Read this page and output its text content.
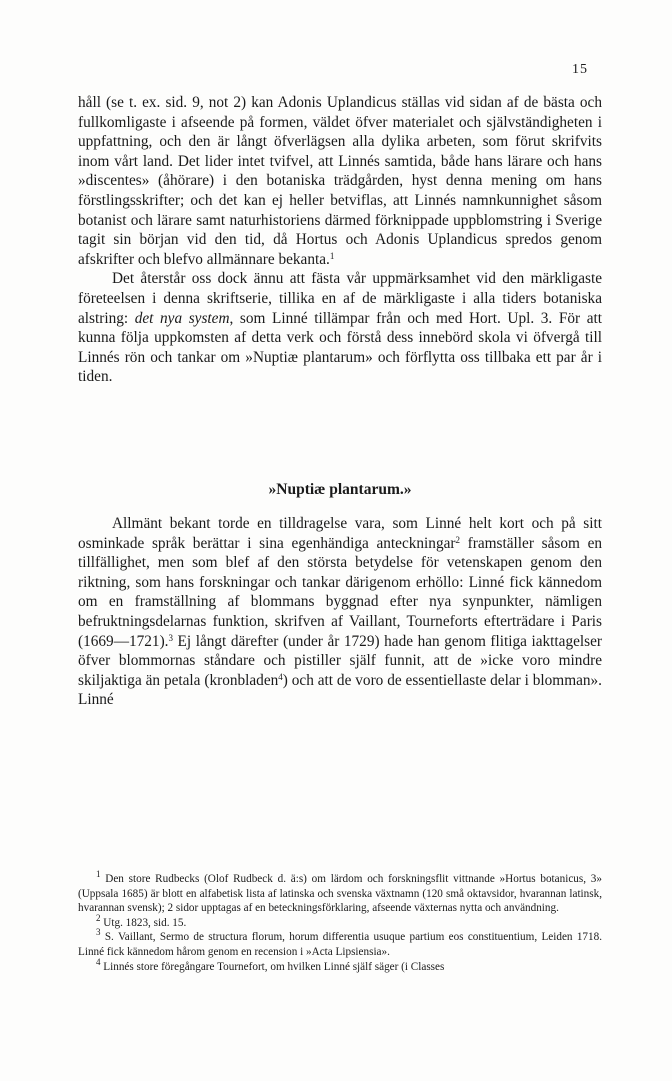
15

håll (se t. ex. sid. 9, not 2) kan Adonis Uplandicus ställas vid sidan af de bästa och fullkomligaste i afseende på formen, väldet öfver materialet och självständigheten i uppfattning, och den är långt öfverlägsen alla dylika arbeten, som förut skrifvits inom vårt land. Det lider intet tvifvel, att Linnés samtida, både hans lärare och hans »discentes» (åhörare) i den botaniska trädgården, hyst denna mening om hans förstlingsskrifter; och det kan ej heller betviflas, att Linnés namnkunnighet såsom botanist och lärare samt naturhistoriens därmed förknippade uppblomstring i Sverige tagit sin början vid den tid, då Hortus och Adonis Uplandicus spredos genom afskrifter och blefvo allmännare bekanta.$^1$

Det återstår oss dock ännu att fästa vår uppmärksamhet vid den märkligaste företeelsen i denna skriftserie, tillika en af de märkligaste i alla tiders botaniska alstring: det nya system, som Linné tillämpar från och med Hort. Upl. 3. För att kunna följa uppkomsten af detta verk och förstå dess innebörd skola vi öfvergå till Linnés rön och tankar om »Nuptiæ plantarum» och förflytta oss tillbaka ett par år i tiden.

»Nuptiæ plantarum.»

Allmänt bekant torde en tilldragelse vara, som Linné helt kort och på sitt osminkade språk berättar i sina egenhändiga anteckningar$^2$ framställer såsom en tillfällighet, men som blef af den största betydelse för vetenskapen genom den riktning, som hans forskningar och tankar därigenom erhöllo: Linné fick kännedom om en framställning af blommans byggnad efter nya synpunkter, nämligen befruktningsdelarnas funktion, skrifven af Vaillant, Tourneforts efterträdare i Paris (1669—1721).$^3$ Ej långt därefter (under år 1729) hade han genom flitiga iakttagelser öfver blommornas ståndare och pistiller själf funnit, att de »icke voro mindre skiljaktiga än petala (kronbladen$^4$) och att de voro de essentiellaste delar i blomman». Linné

$^1$ Den store Rudbecks (Olof Rudbeck d. ä:s) om lärdom och forskningsflit vittnande »Hortus botanicus, 3» (Uppsala 1685) är blott en alfabetisk lista af latinska och svenska växtnamn (120 små oktavsidor, hvarannan latinsk, hvarannan svensk); 2 sidor upptagas af en beteckningsförklaring, afseende växternas nytta och användning.

$^2$ Utg. 1823, sid. 15.

$^3$ S. Vaillant, Sermo de structura florum, horum differentia usuque partium eos constituentium, Leiden 1718. Linné fick kännedom hårom genom en recension i »Acta Lipsiensia».

$^4$ Linnés store föregångare Tournefort, om hvilken Linné själf säger (i Classes
